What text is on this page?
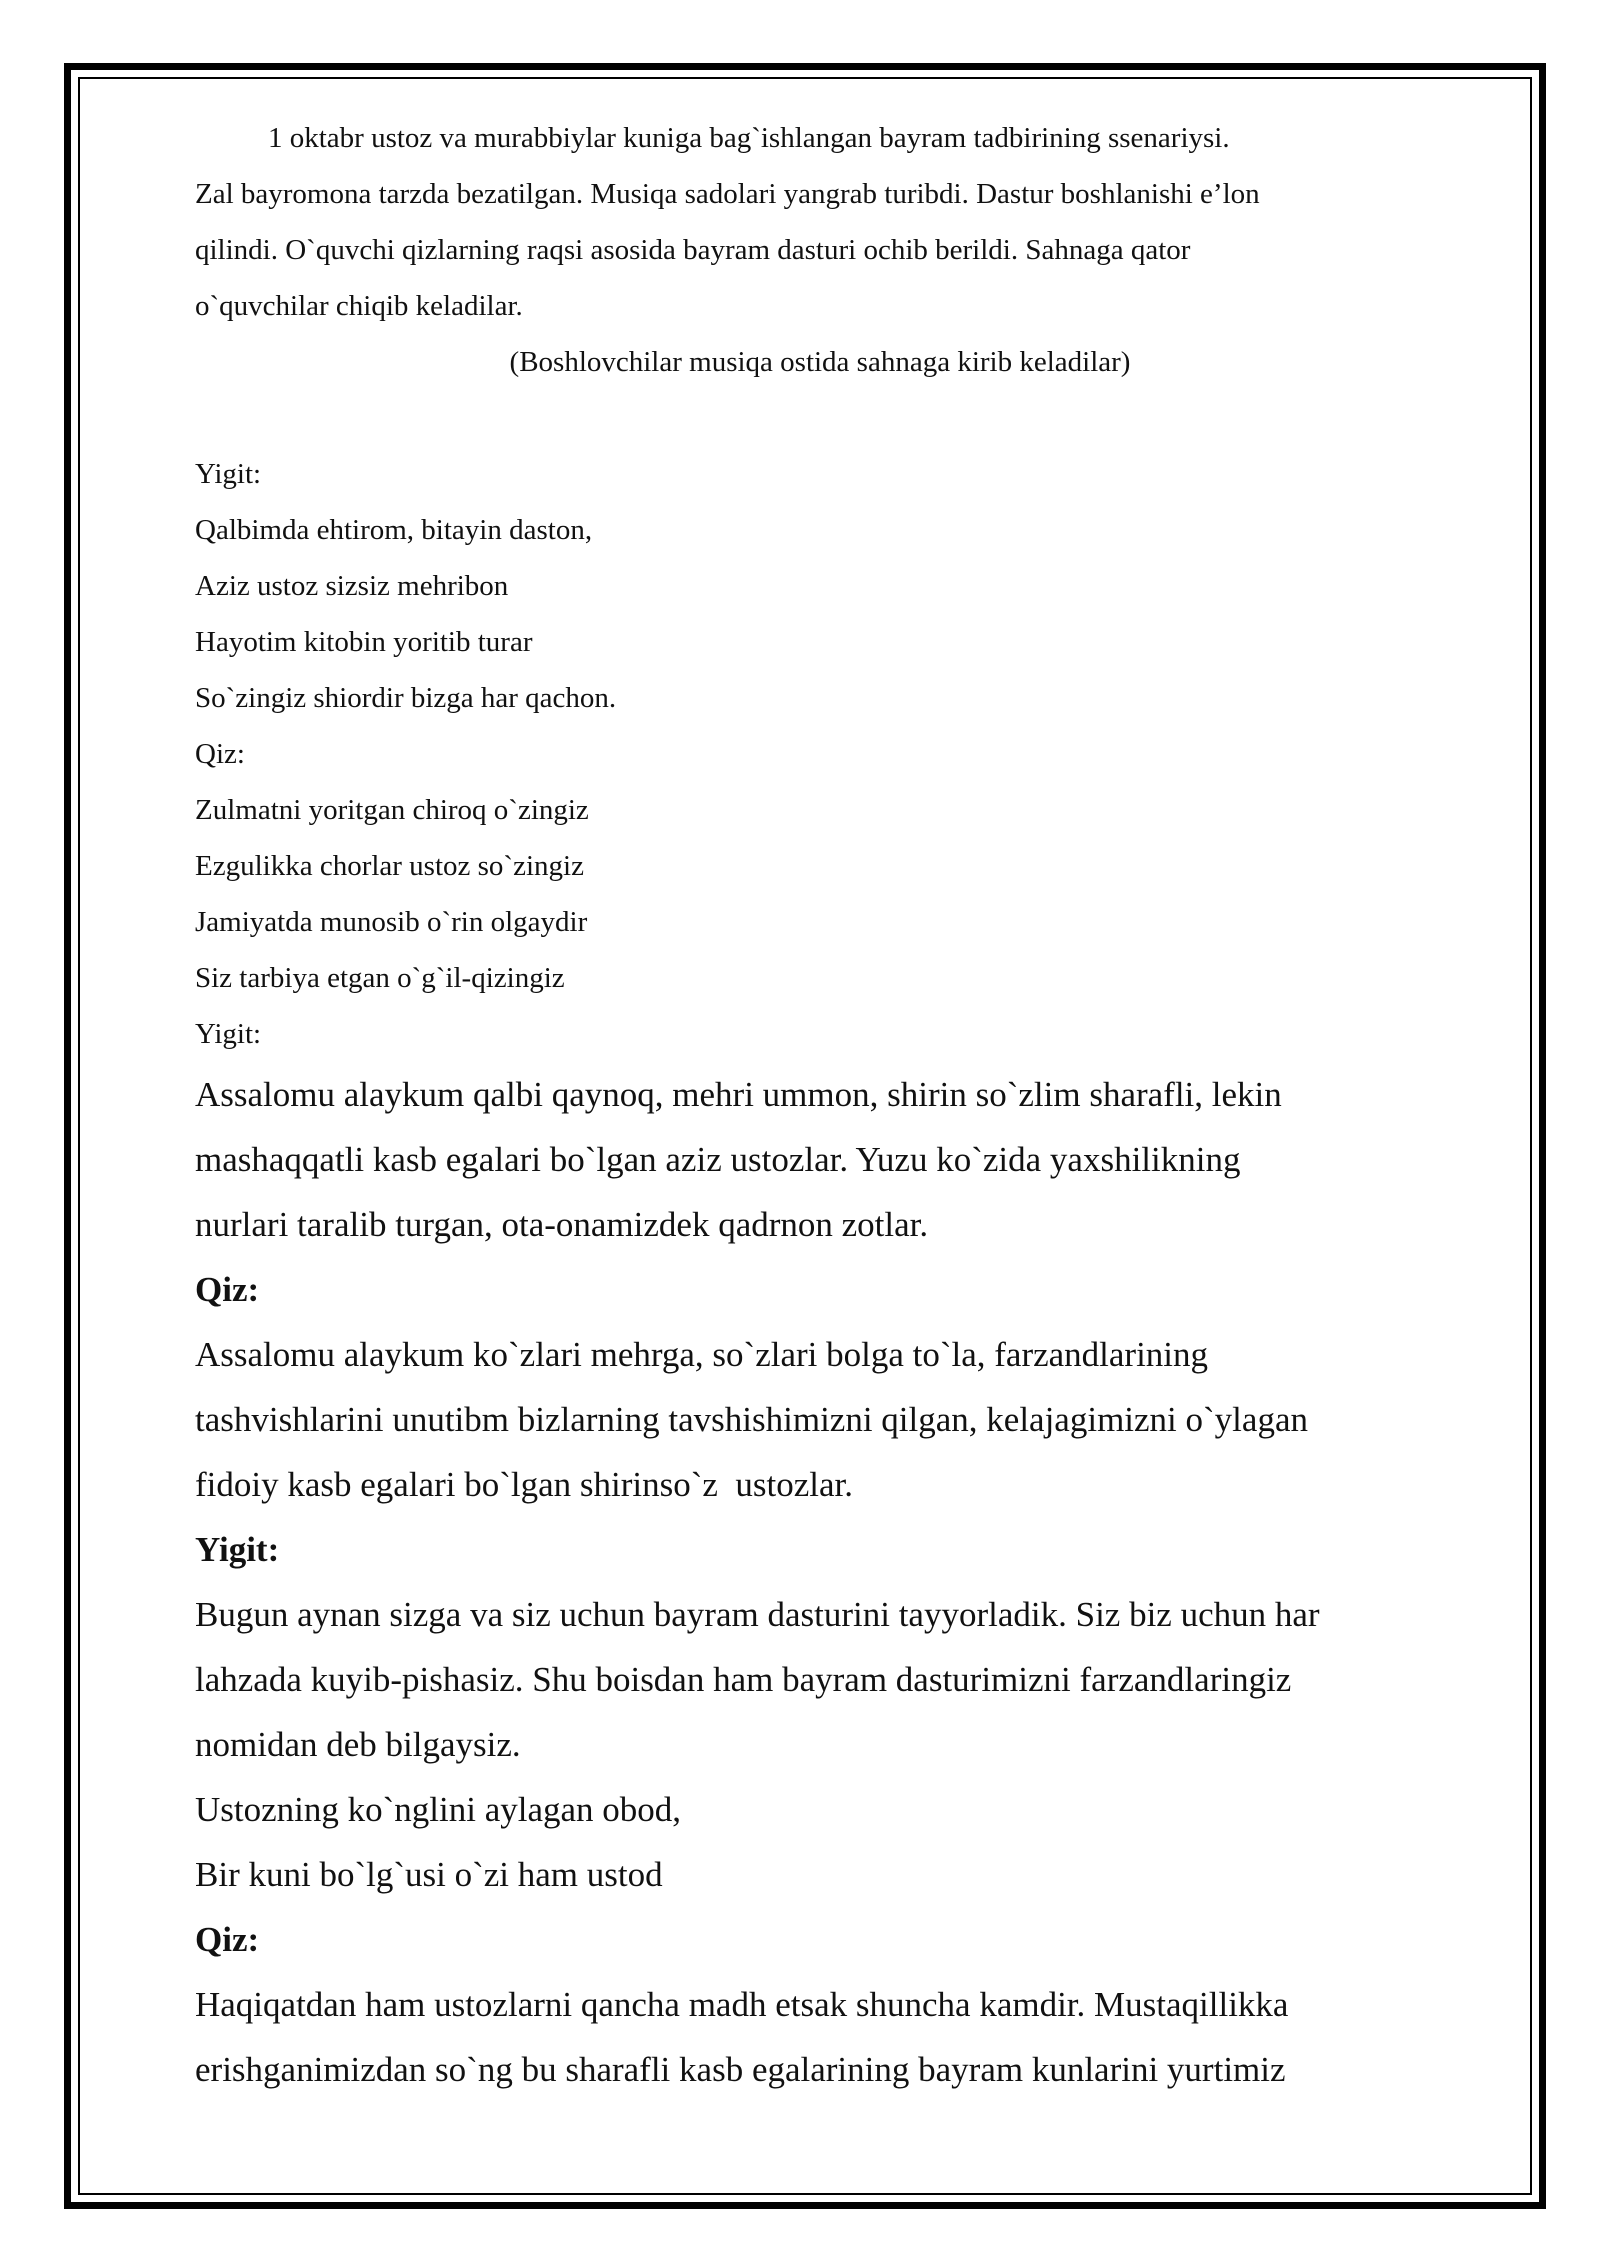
1 oktabr ustoz va murabbiylar kuniga bag`ishlangan bayram tadbirining ssenariysi.

Zal bayromona tarzda bezatilgan. Musiqa sadolari yangrab turibdi. Dastur boshlanishi e’lon

qilindi. O`quvchi qizlarning raqsi asosida bayram dasturi ochib berildi. Sahnaga qator

o`quvchilar chiqib keladilar.

(Boshlovchilar musiqa ostida sahnaga kirib keladilar)

Yigit:

Qalbimda ehtirom, bitayin daston,

Aziz ustoz sizsiz mehribon

Hayotim kitobin yoritib turar

So`zingiz shiordir bizga har qachon.

Qiz:

Zulmatni yoritgan chiroq o`zingiz

Ezgulikka chorlar ustoz so`zingiz

Jamiyatda munosib o`rin olgaydir

Siz tarbiya etgan o`g`il-qizingiz

Yigit:

Assalomu alaykum qalbi qaynoq, mehri ummon, shirin so`zlim sharafli, lekin

mashaqqatli kasb egalari bo`lgan aziz ustozlar. Yuzu ko`zida yaxshilikning

nurlari taralib turgan, ota-onamizdek qadrnon zotlar.

Qiz:

Assalomu alaykum ko`zlari mehrga, so`zlari bolga to`la, farzandlarining

tashvishlarini unutibm bizlarning tavshishimizni qilgan, kelajagimizni o`ylagan

fidoiy kasb egalari bo`lgan shirinso`z  ustozlar.

Yigit:

Bugun aynan sizga va siz uchun bayram dasturini tayyorladik. Siz biz uchun har

lahzada kuyib-pishasiz. Shu boisdan ham bayram dasturimizni farzandlaringiz

nomidan deb bilgaysiz.

Ustozning ko`nglini aylagan obod,

Bir kuni bo`lg`usi o`zi ham ustod

Qiz:

Haqiqatdan ham ustozlarni qancha madh etsak shuncha kamdir. Mustaqillikka

erishganimizdan so`ng bu sharafli kasb egalarining bayram kunlarini yurtimiz
